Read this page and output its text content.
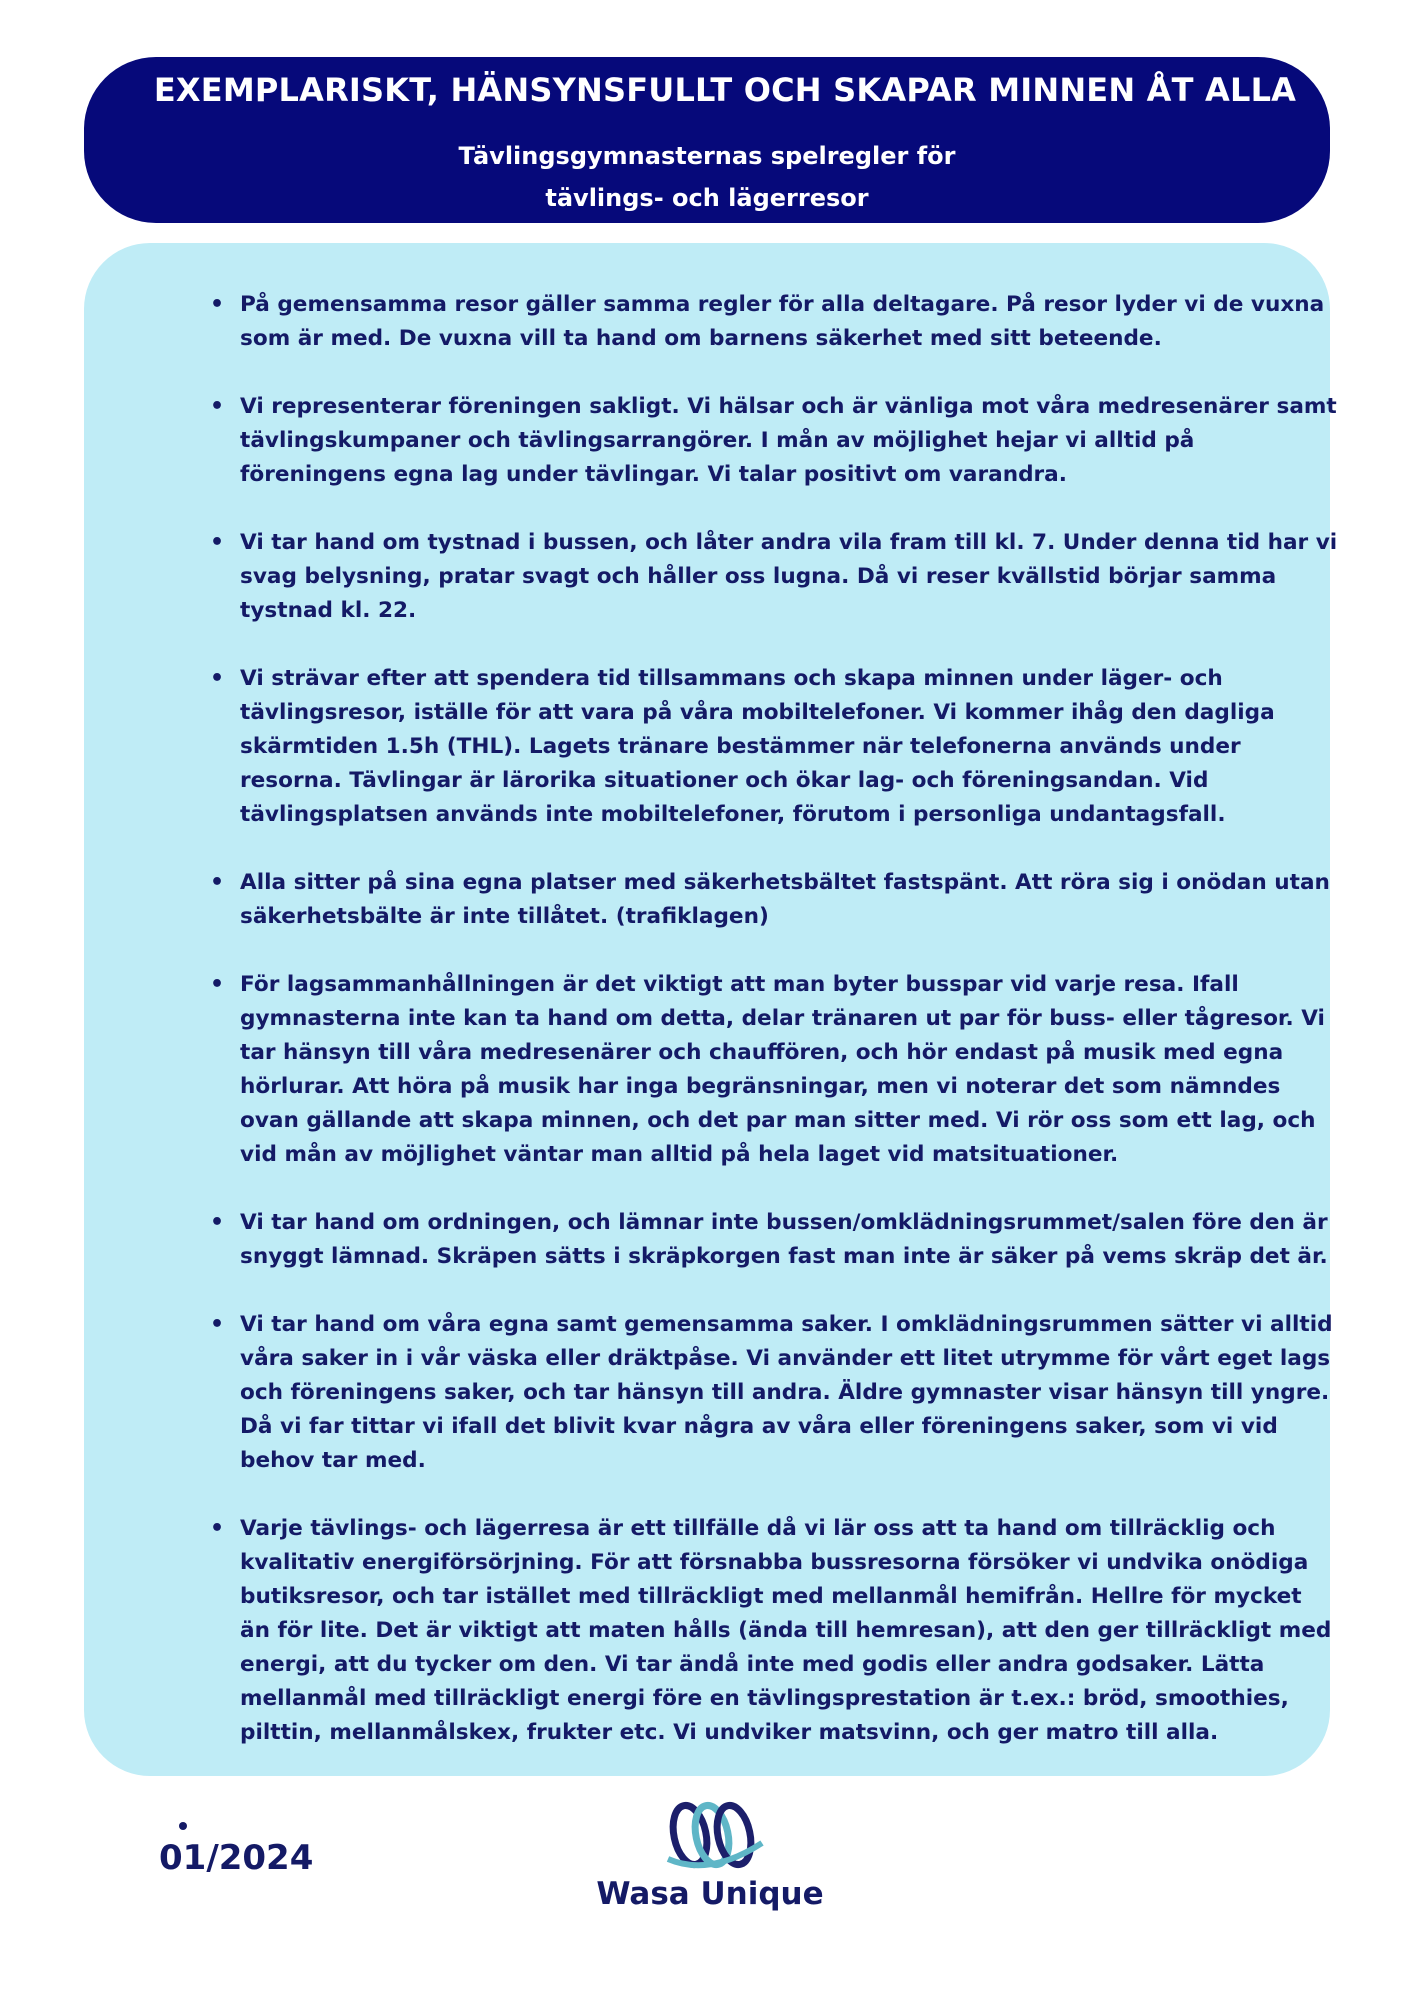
EXEMPLARISKT, HÄNSYNSFULLT OCH SKAPAR MINNEN ÅT ALLA
Tävlingsgymnasternas spelregler för
tävlings- och lägerresor
• På gemensamma resor gäller samma regler för alla deltagare. På resor lyder vi de vuxna
som är med. De vuxna vill ta hand om barnens säkerhet med sitt beteende.
• Vi representerar föreningen sakligt. Vi hälsar och är vänliga mot våra medresenärer samt
tävlingskumpaner och tävlingsarrangörer. I mån av möjlighet hejar vi alltid på
föreningens egna lag under tävlingar. Vi talar positivt om varandra.
• Vi tar hand om tystnad i bussen, och låter andra vila fram till kl. 7. Under denna tid har vi
svag belysning, pratar svagt och håller oss lugna. Då vi reser kvällstid börjar samma
tystnad kl. 22.
• Vi strävar efter att spendera tid tillsammans och skapa minnen under läger- och
tävlingsresor, iställe för att vara på våra mobiltelefoner. Vi kommer ihåg den dagliga
skärmtiden 1.5h (THL). Lagets tränare bestämmer när telefonerna används under
resorna. Tävlingar är lärorika situationer och ökar lag- och föreningsandan. Vid
tävlingsplatsen används inte mobiltelefoner, förutom i personliga undantagsfall.
• Alla sitter på sina egna platser med säkerhetsbältet fastspänt. Att röra sig i onödan utan
säkerhetsbälte är inte tillåtet. (trafiklagen)
• För lagsammanhållningen är det viktigt att man byter busspar vid varje resa. Ifall
gymnasterna inte kan ta hand om detta, delar tränaren ut par för buss- eller tågresor. Vi
tar hänsyn till våra medresenärer och chauffören, och hör endast på musik med egna
hörlurar. Att höra på musik har inga begränsningar, men vi noterar det som nämndes
ovan gällande att skapa minnen, och det par man sitter med. Vi rör oss som ett lag, och
vid mån av möjlighet väntar man alltid på hela laget vid matsituationer.
• Vi tar hand om ordningen, och lämnar inte bussen/omklädningsrummet/salen före den är
snyggt lämnad. Skräpen sätts i skräpkorgen fast man inte är säker på vems skräp det är.
• Vi tar hand om våra egna samt gemensamma saker. I omklädningsrummen sätter vi alltid
våra saker in i vår väska eller dräktpåse. Vi använder ett litet utrymme för vårt eget lags
och föreningens saker, och tar hänsyn till andra. Äldre gymnaster visar hänsyn till yngre.
Då vi far tittar vi ifall det blivit kvar några av våra eller föreningens saker, som vi vid
behov tar med.
• Varje tävlings- och lägerresa är ett tillfälle då vi lär oss att ta hand om tillräcklig och
kvalitativ energiförsörjning. För att försnabba bussresorna försöker vi undvika onödiga
butiksresor, och tar istället med tillräckligt med mellanmål hemifrån. Hellre för mycket
än för lite. Det är viktigt att maten hålls (ända till hemresan), att den ger tillräckligt med
energi, att du tycker om den. Vi tar ändå inte med godis eller andra godsaker. Lätta
mellanmål med tillräckligt energi före en tävlingsprestation är t.ex.: bröd, smoothies,
pilttin, mellanmålskex, frukter etc. Vi undviker matsvinn, och ger matro till alla.
01/2024
Wasa Unique
